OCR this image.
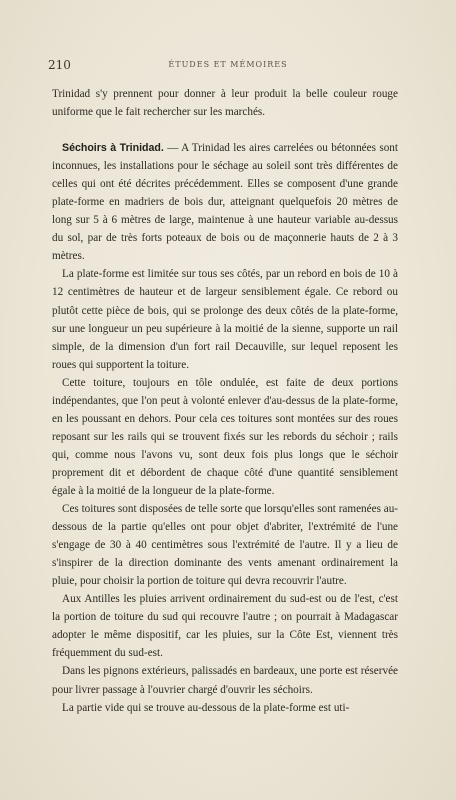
210	ÉTUDES ET MÉMOIRES

Trinidad s'y prennent pour donner à leur produit la belle couleur rouge uniforme que le fait rechercher sur les marchés.

Séchoirs à Trinidad. — A Trinidad les aires carrelées ou bétonnées sont inconnues, les installations pour le séchage au soleil sont très différentes de celles qui ont été décrites précédemment. Elles se composent d'une grande plate-forme en madriers de bois dur, atteignant quelquefois 20 mètres de long sur 5 à 6 mètres de large, maintenue à une hauteur variable au-dessus du sol, par de très forts poteaux de bois ou de maçonnerie hauts de 2 à 3 mètres.

La plate-forme est limitée sur tous ses côtés, par un rebord en bois de 10 à 12 centimètres de hauteur et de largeur sensiblement égale. Ce rebord ou plutôt cette pièce de bois, qui se prolonge des deux côtés de la plate-forme, sur une longueur un peu supérieure à la moitié de la sienne, supporte un rail simple, de la dimension d'un fort rail Decauville, sur lequel reposent les roues qui supportent la toiture.

Cette toiture, toujours en tôle ondulée, est faite de deux portions indépendantes, que l'on peut à volonté enlever d'au-dessus de la plate-forme, en les poussant en dehors. Pour cela ces toitures sont montées sur des roues reposant sur les rails qui se trouvent fixés sur les rebords du séchoir ; rails qui, comme nous l'avons vu, sont deux fois plus longs que le séchoir proprement dit et débordent de chaque côté d'une quantité sensiblement égale à la moitié de la longueur de la plate-forme.

Ces toitures sont disposées de telle sorte que lorsqu'elles sont ramenées au-dessous de la partie qu'elles ont pour objet d'abriter, l'extrémité de l'une s'engage de 30 à 40 centimètres sous l'extrémité de l'autre. Il y a lieu de s'inspirer de la direction dominante des vents amenant ordinairement la pluie, pour choisir la portion de toiture qui devra recouvrir l'autre.

Aux Antilles les pluies arrivent ordinairement du sud-est ou de l'est, c'est la portion de toiture du sud qui recouvre l'autre ; on pourrait à Madagascar adopter le même dispositif, car les pluies, sur la Côte Est, viennent très fréquemment du sud-est.

Dans les pignons extérieurs, palissadés en bardeaux, une porte est réservée pour livrer passage à l'ouvrier chargé d'ouvrir les séchoirs.

La partie vide qui se trouve au-dessous de la plate-forme est uti-
